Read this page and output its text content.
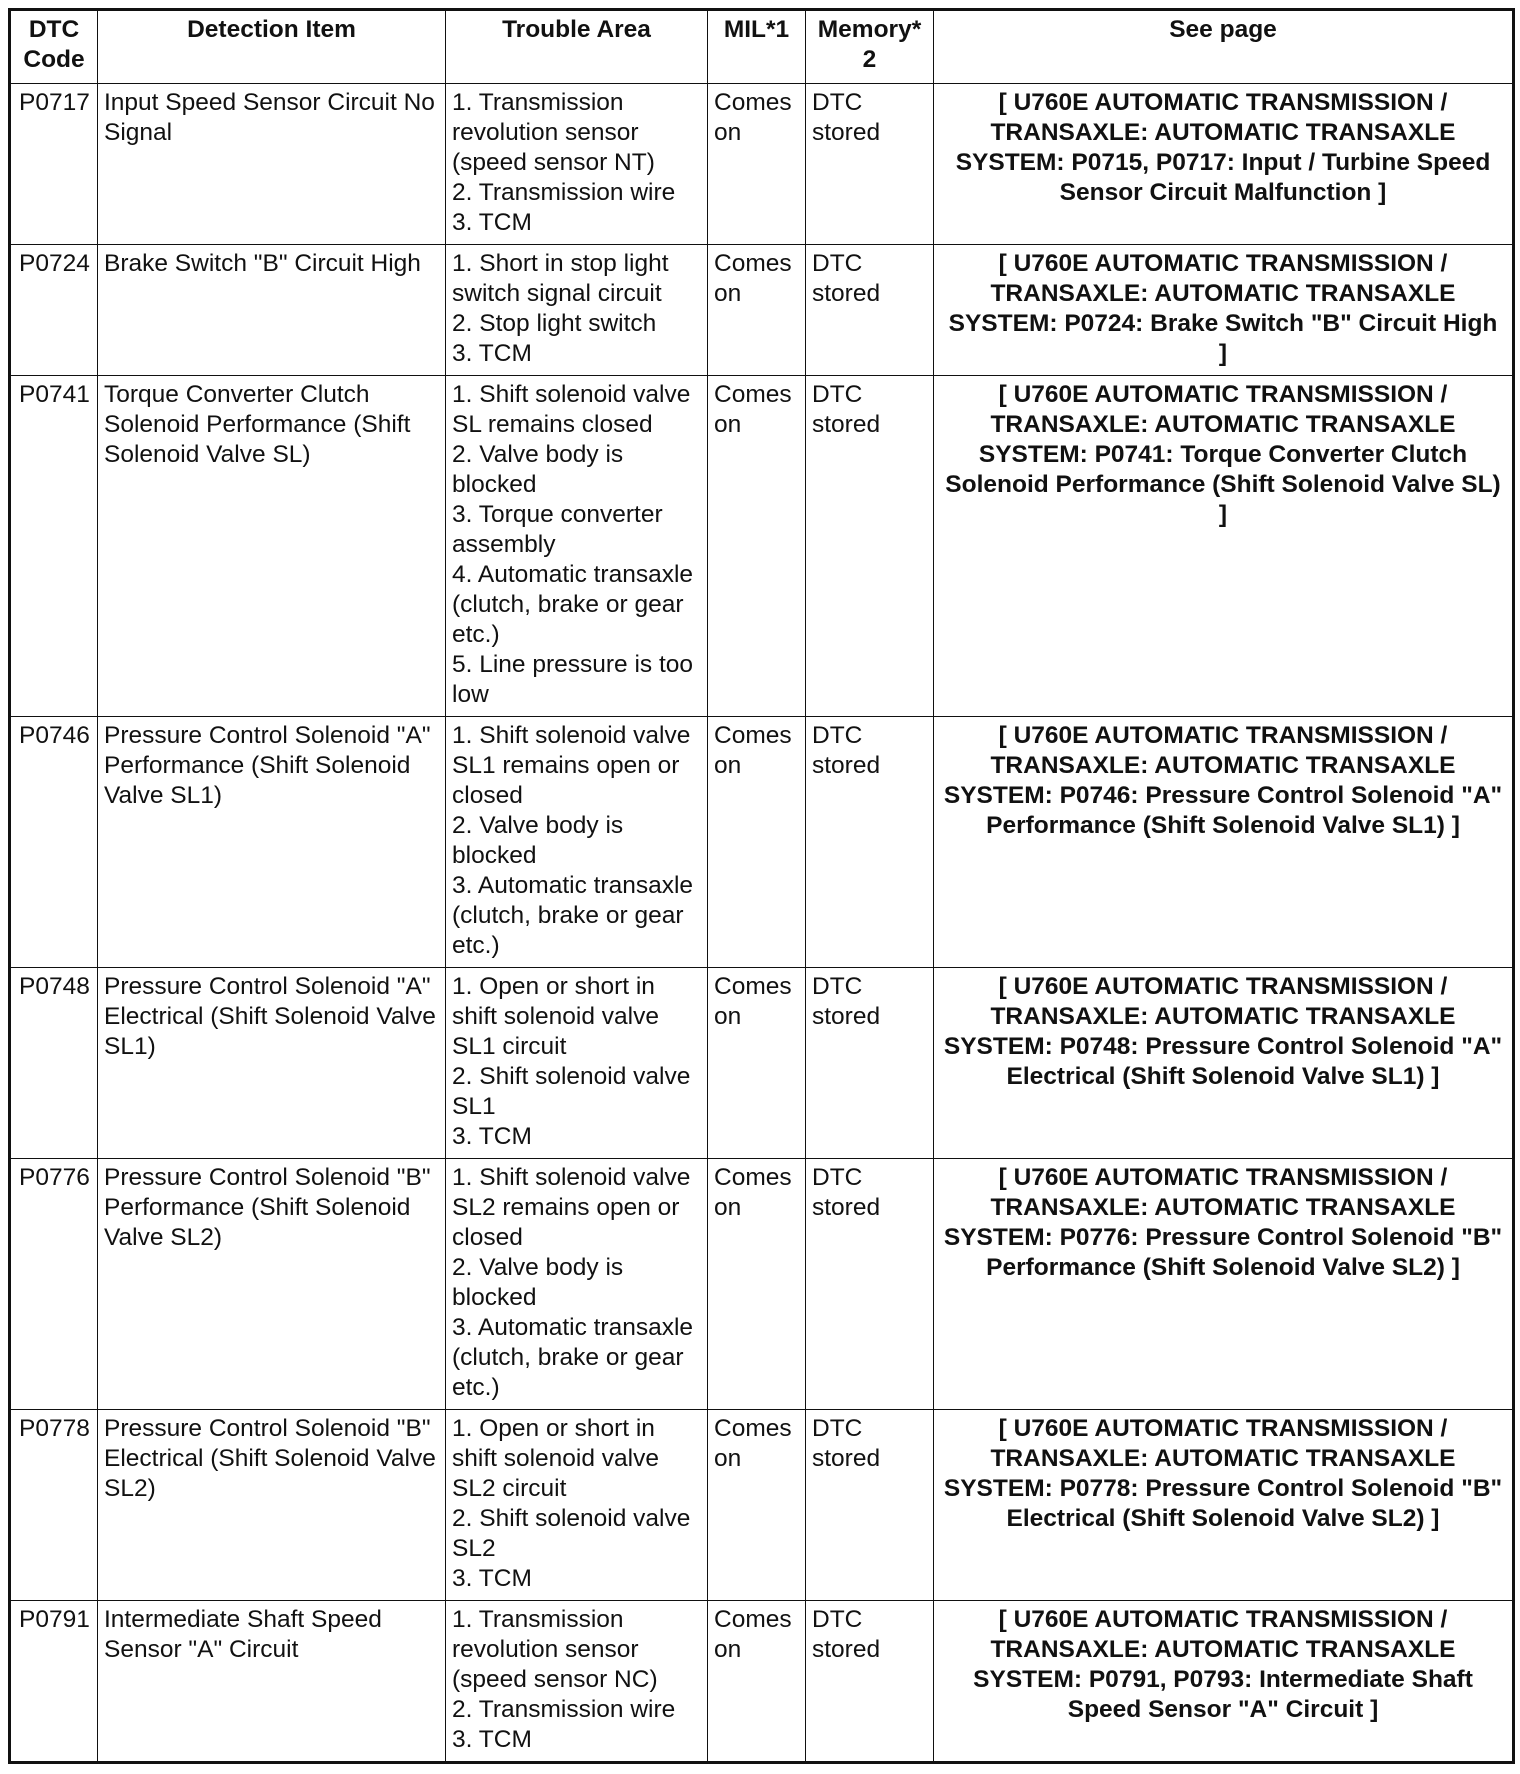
DTC
Code	Detection Item	Trouble Area	MIL*1	Memory*2	See page
P0717	Input Speed Sensor Circuit No Signal	1. Transmission revolution sensor (speed sensor NT)
2. Transmission wire
3. TCM	Comes on	DTC stored	[ U760E AUTOMATIC TRANSMISSION / TRANSAXLE: AUTOMATIC TRANSAXLE SYSTEM: P0715, P0717: Input / Turbine Speed Sensor Circuit Malfunction ]
P0724	Brake Switch "B" Circuit High	1. Short in stop light switch signal circuit
2. Stop light switch
3. TCM	Comes on	DTC stored	[ U760E AUTOMATIC TRANSMISSION / TRANSAXLE: AUTOMATIC TRANSAXLE SYSTEM: P0724: Brake Switch "B" Circuit High ]
P0741	Torque Converter Clutch Solenoid Performance (Shift Solenoid Valve SL)	1. Shift solenoid valve SL remains closed
2. Valve body is blocked
3. Torque converter assembly
4. Automatic transaxle (clutch, brake or gear etc.)
5. Line pressure is too low	Comes on	DTC stored	[ U760E AUTOMATIC TRANSMISSION / TRANSAXLE: AUTOMATIC TRANSAXLE SYSTEM: P0741: Torque Converter Clutch Solenoid Performance (Shift Solenoid Valve SL) ]
P0746	Pressure Control Solenoid "A" Performance (Shift Solenoid Valve SL1)	1. Shift solenoid valve SL1 remains open or closed
2. Valve body is blocked
3. Automatic transaxle (clutch, brake or gear etc.)	Comes on	DTC stored	[ U760E AUTOMATIC TRANSMISSION / TRANSAXLE: AUTOMATIC TRANSAXLE SYSTEM: P0746: Pressure Control Solenoid "A" Performance (Shift Solenoid Valve SL1) ]
P0748	Pressure Control Solenoid "A" Electrical (Shift Solenoid Valve SL1)	1. Open or short in shift solenoid valve SL1 circuit
2. Shift solenoid valve SL1
3. TCM	Comes on	DTC stored	[ U760E AUTOMATIC TRANSMISSION / TRANSAXLE: AUTOMATIC TRANSAXLE SYSTEM: P0748: Pressure Control Solenoid "A" Electrical (Shift Solenoid Valve SL1) ]
P0776	Pressure Control Solenoid "B" Performance (Shift Solenoid Valve SL2)	1. Shift solenoid valve SL2 remains open or closed
2. Valve body is blocked
3. Automatic transaxle (clutch, brake or gear etc.)	Comes on	DTC stored	[ U760E AUTOMATIC TRANSMISSION / TRANSAXLE: AUTOMATIC TRANSAXLE SYSTEM: P0776: Pressure Control Solenoid "B" Performance (Shift Solenoid Valve SL2) ]
P0778	Pressure Control Solenoid "B" Electrical (Shift Solenoid Valve SL2)	1. Open or short in shift solenoid valve SL2 circuit
2. Shift solenoid valve SL2
3. TCM	Comes on	DTC stored	[ U760E AUTOMATIC TRANSMISSION / TRANSAXLE: AUTOMATIC TRANSAXLE SYSTEM: P0778: Pressure Control Solenoid "B" Electrical (Shift Solenoid Valve SL2) ]
P0791	Intermediate Shaft Speed Sensor "A" Circuit	1. Transmission revolution sensor (speed sensor NC)
2. Transmission wire
3. TCM	Comes on	DTC stored	[ U760E AUTOMATIC TRANSMISSION / TRANSAXLE: AUTOMATIC TRANSAXLE SYSTEM: P0791, P0793: Intermediate Shaft Speed Sensor "A" Circuit ]
